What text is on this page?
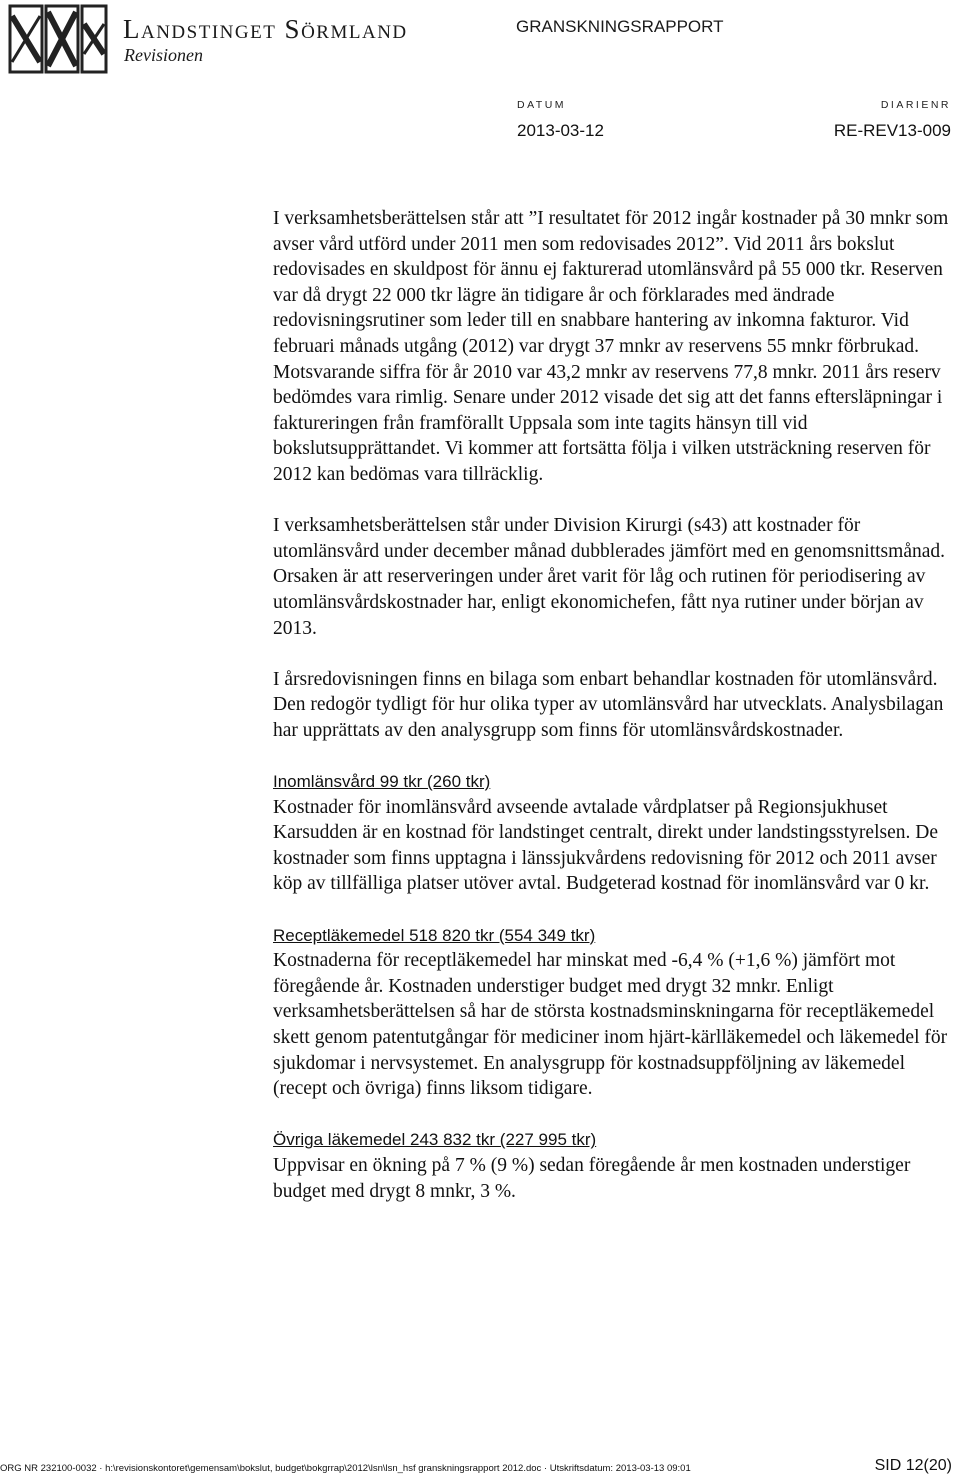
Landstinget Sörmland
Revisionen
GRANSKNINGSRAPPORT
DATUM
2013-03-12
DIARIENR
RE-REV13-009

I verksamhetsberättelsen står att ”I resultatet för 2012 ingår kostnader på 30 mnkr som avser vård utförd under 2011 men som redovisades 2012”. Vid 2011 års bokslut redovisades en skuldpost för ännu ej fakturerad utomlänsvård på 55 000 tkr. Reserven var då drygt 22 000 tkr lägre än tidigare år och förklarades med ändrade redovisningsrutiner som leder till en snabbare hantering av inkomna fakturor. Vid februari månads utgång (2012) var drygt 37 mnkr av reservens 55 mnkr förbrukad. Motsvarande siffra för år 2010 var 43,2 mnkr av reservens 77,8 mnkr. 2011 års reserv bedömdes vara rimlig. Senare under 2012 visade det sig att det fanns eftersläpningar i faktureringen från framförallt Uppsala som inte tagits hänsyn till vid bokslutsupprättandet. Vi kommer att fortsätta följa i vilken utsträckning reserven för 2012 kan bedömas vara tillräcklig.

I verksamhetsberättelsen står under Division Kirurgi (s43) att kostnader för utomlänsvård under december månad dubblerades jämfört med en genomsnittsmånad. Orsaken är att reserveringen under året varit för låg och rutinen för periodisering av utomlänsvårdskostnader har, enligt ekonomichefen, fått nya rutiner under början av 2013.

I årsredovisningen finns en bilaga som enbart behandlar kostnaden för utomlänsvård. Den redogör tydligt för hur olika typer av utomlänsvård har utvecklats. Analysbilagan har upprättats av den analysgrupp som finns för utomlänsvårdskostnader.

Inomlänsvård 99 tkr (260 tkr)
Kostnader för inomlänsvård avseende avtalade vårdplatser på Regionsjukhuset Karsudden är en kostnad för landstinget centralt, direkt under landstingsstyrelsen. De kostnader som finns upptagna i länssjukvårdens redovisning för 2012 och 2011 avser köp av tillfälliga platser utöver avtal. Budgeterad kostnad för inomlänsvård var 0 kr.

Receptläkemedel 518 820 tkr (554 349 tkr)
Kostnaderna för receptläkemedel har minskat med -6,4 % (+1,6 %) jämfört mot föregående år. Kostnaden understiger budget med drygt 32 mnkr. Enligt verksamhetsberättelsen så har de största kostnadsminskningarna för receptläkemedel skett genom patentutgångar för mediciner inom hjärt-kärlläkemedel och läkemedel för sjukdomar i nervsystemet. En analysgrupp för kostnadsuppföljning av läkemedel (recept och övriga) finns liksom tidigare.

Övriga läkemedel 243 832 tkr (227 995 tkr)
Uppvisar en ökning på 7 % (9 %) sedan föregående år men kostnaden understiger budget med drygt 8 mnkr, 3 %.

ORG NR 232100-0032 · h:\revisionskontoret\gemensam\bokslut, budget\bokgrrap\2012\lsn\lsn_hsf granskningsrapport 2012.doc · Utskriftsdatum: 2013-03-13 09:01	SID 12(20)
